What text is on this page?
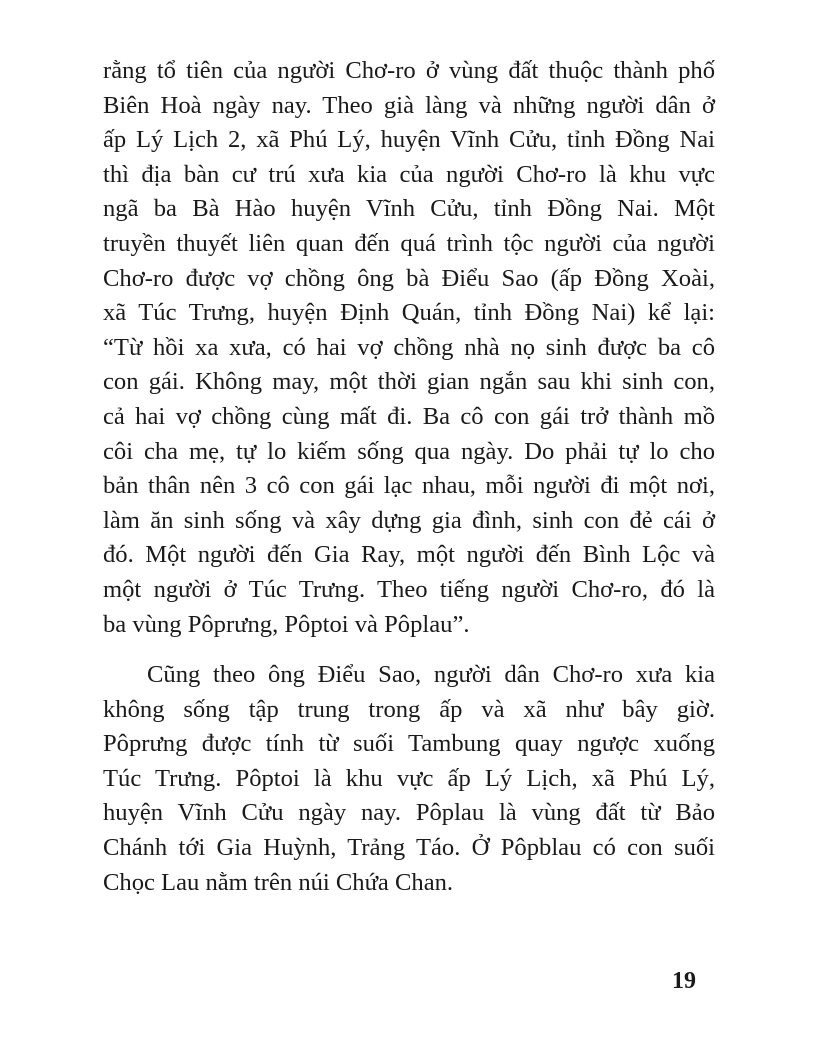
rằng tổ tiên của người Chơ-ro ở vùng đất thuộc thành phố
Biên Hoà ngày nay. Theo già làng và những người dân ở
ấp Lý Lịch 2, xã Phú Lý, huyện Vĩnh Cửu, tỉnh Đồng Nai
thì địa bàn cư trú xưa kia của người Chơ-ro là khu vực
ngã ba Bà Hào huyện Vĩnh Cửu, tỉnh Đồng Nai. Một
truyền thuyết liên quan đến quá trình tộc người của người
Chơ-ro được vợ chồng ông bà Điểu Sao (ấp Đồng Xoài,
xã Túc Trưng, huyện Định Quán, tỉnh Đồng Nai) kể lại:
“Từ hồi xa xưa, có hai vợ chồng nhà nọ sinh được ba cô
con gái. Không may, một thời gian ngắn sau khi sinh con,
cả hai vợ chồng cùng mất đi. Ba cô con gái trở thành mồ
côi cha mẹ, tự lo kiếm sống qua ngày. Do phải tự lo cho
bản thân nên 3 cô con gái lạc nhau, mỗi người đi một nơi,
làm ăn sinh sống và xây dựng gia đình, sinh con đẻ cái ở
đó. Một người đến Gia Ray, một người đến Bình Lộc và
một người ở Túc Trưng. Theo tiếng người Chơ-ro, đó là
ba vùng Pôprưng, Pôptoi và Pôplau”.

Cũng theo ông Điểu Sao, người dân Chơ-ro xưa kia
không sống tập trung trong ấp và xã như bây giờ.
Pôprưng được tính từ suối Tambung quay ngược xuống
Túc Trưng. Pôptoi là khu vực ấp Lý Lịch, xã Phú Lý,
huyện Vĩnh Cửu ngày nay. Pôplau là vùng đất từ Bảo
Chánh tới Gia Huỳnh, Trảng Táo. Ở Pôpblau có con suối
Chọc Lau nằm trên núi Chứa Chan.

19
